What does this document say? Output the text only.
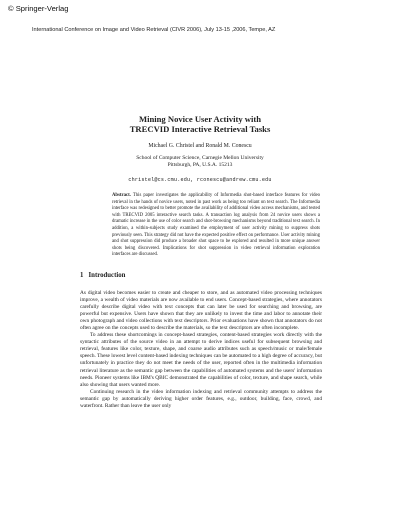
© Springer-Verlag
International Conference on Image and Video Retrieval (CIVR 2006), July 13-15 ,2006, Tempe, AZ
Mining Novice User Activity with
TRECVID Interactive Retrieval Tasks
Michael G. Christel and Ronald M. Conescu
School of Computer Science, Carnegie Mellon University
Pittsburgh, PA, U.S.A. 15213
christel@cs.cmu.edu, rconescu@andrew.cmu.edu
Abstract. This paper investigates the applicability of Informedia shot-based interface features for video retrieval in the hands of novice users, noted in past work as being too reliant on text search. The Informedia interface was redesigned to better promote the availability of additional video access mechanisms, and tested with TRECVID 2005 interactive search tasks. A transaction log analysis from 24 novice users shows a dramatic increase in the use of color search and shot-browsing mechanisms beyond traditional text search. In addition, a within-subjects study examined the employment of user activity mining to suppress shots previously seen. This strategy did not have the expected positive effect on performance. User activity mining and shot suppression did produce a broader shot space to be explored and resulted in more unique answer shots being discovered. Implications for shot suppression in video retrieval information exploration interfaces are discussed.
1 Introduction

As digital video becomes easier to create and cheaper to store, and as automated video processing techniques improve, a wealth of video materials are now available to end users. Concept-based strategies, where annotators carefully describe digital video with text concepts that can later be used for searching and browsing, are powerful but expensive. Users have shown that they are unlikely to invest the time and labor to annotate their own photograph and video collections with text descriptors. Prior evaluations have shown that annotators do not often agree on the concepts used to describe the materials, so the text descriptors are often incomplete.

To address these shortcomings in concept-based strategies, content-based strategies work directly with the syntactic attributes of the source video in an attempt to derive indices useful for subsequent browsing and retrieval, features like color, texture, shape, and coarse audio attributes such as speech/music or male/female speech. These lowest level content-based indexing techniques can be automated to a high degree of accuracy, but unfortunately in practice they do not meet the needs of the user, reported often in the multimedia information retrieval literature as the semantic gap between the capabilities of automated systems and the users' information needs. Pioneer systems like IBM's QBIC demonstrated the capabilities of color, texture, and shape search, while also showing that users wanted more.

Continuing research in the video information indexing and retrieval community attempts to address the semantic gap by automatically deriving higher order features, e.g., outdoor, building, face, crowd, and waterfront. Rather than leave the user only
